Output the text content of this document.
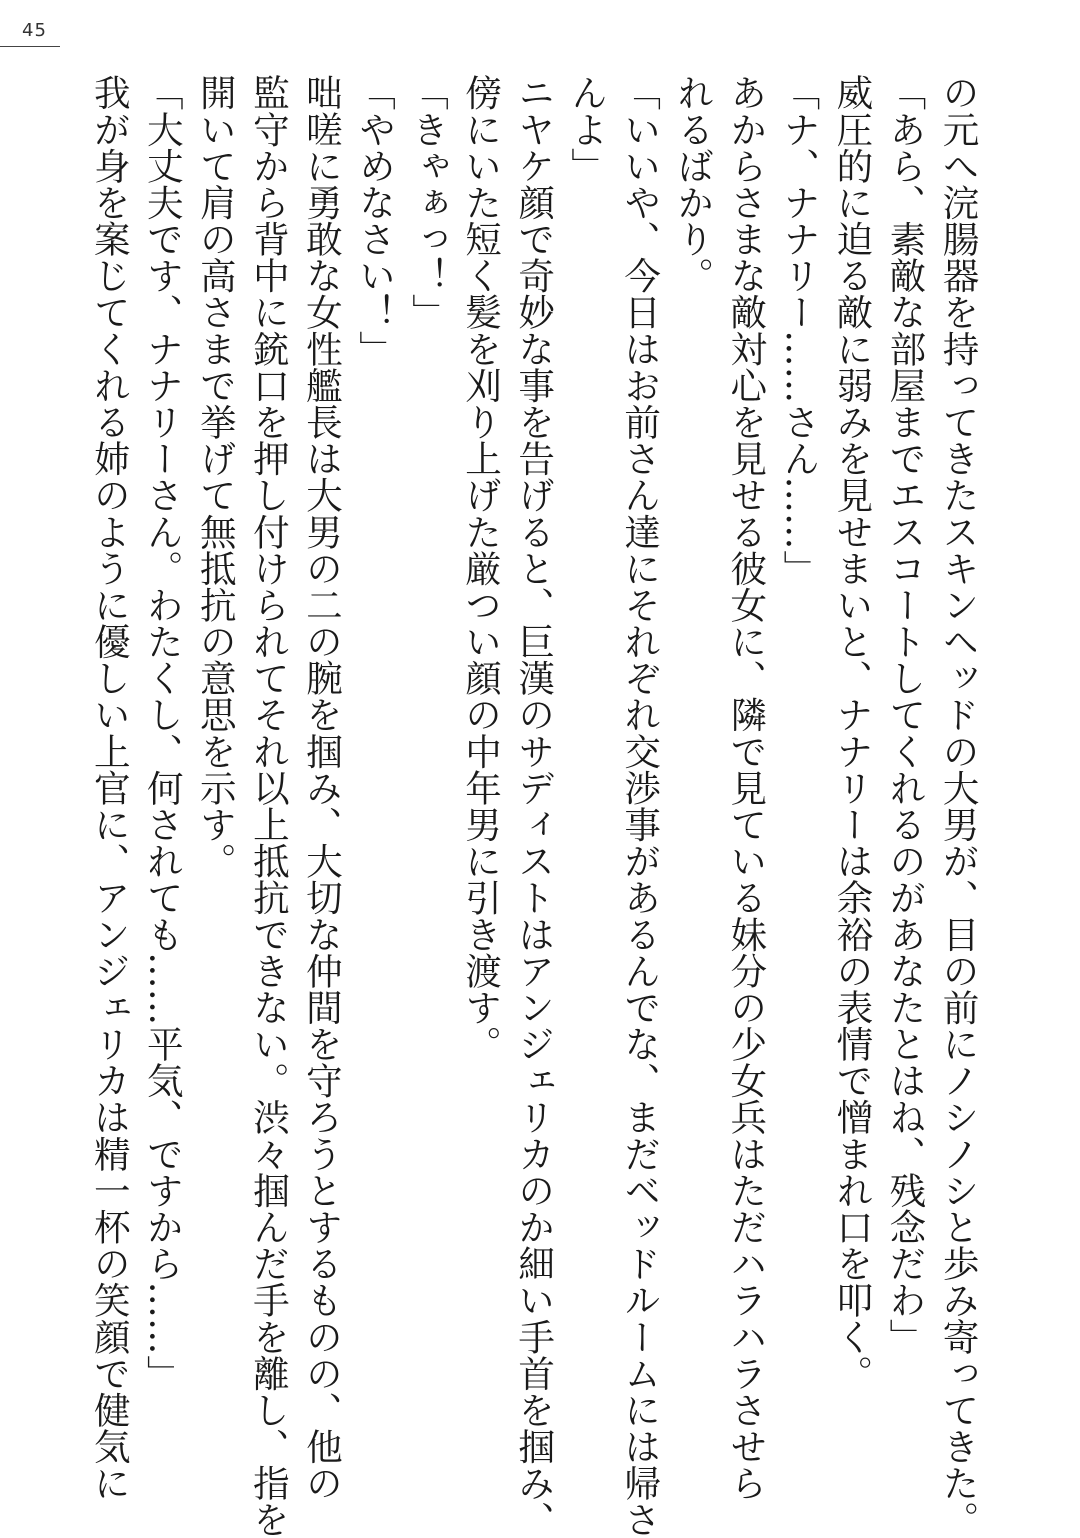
45
の元へ浣腸器を持ってきたスキンヘッドの大男が、目の前にノシノシと歩み寄ってきた。
「あら、素敵な部屋までエスコートしてくれるのがあなたとはね、残念だわ」
威圧的に迫る敵に弱みを見せまいと、ナナリーは余裕の表情で憎まれ口を叩く。
「ナ、ナナリー……さん……」
あからさまな敵対心を見せる彼女に、隣で見ている妹分の少女兵はただハラハラさせら
れるばかり。
「いいや、今日はお前さん達にそれぞれ交渉事があるんでな、まだベッドルームには帰さ
んよ」
ニヤケ顔で奇妙な事を告げると、巨漢のサディストはアンジェリカのか細い手首を掴み、
傍にいた短く髪を刈り上げた厳つい顔の中年男に引き渡す。
「きゃぁっ！」
「やめなさい！」
咄嗟に勇敢な女性艦長は大男の二の腕を掴み、大切な仲間を守ろうとするものの、他の
監守から背中に銃口を押し付けられてそれ以上抵抗できない。渋々掴んだ手を離し、指を
開いて肩の高さまで挙げて無抵抗の意思を示す。
「大丈夫です、ナナリーさん。わたくし、何されても……平気、ですから……」
我が身を案じてくれる姉のように優しい上官に、アンジェリカは精一杯の笑顔で健気に
